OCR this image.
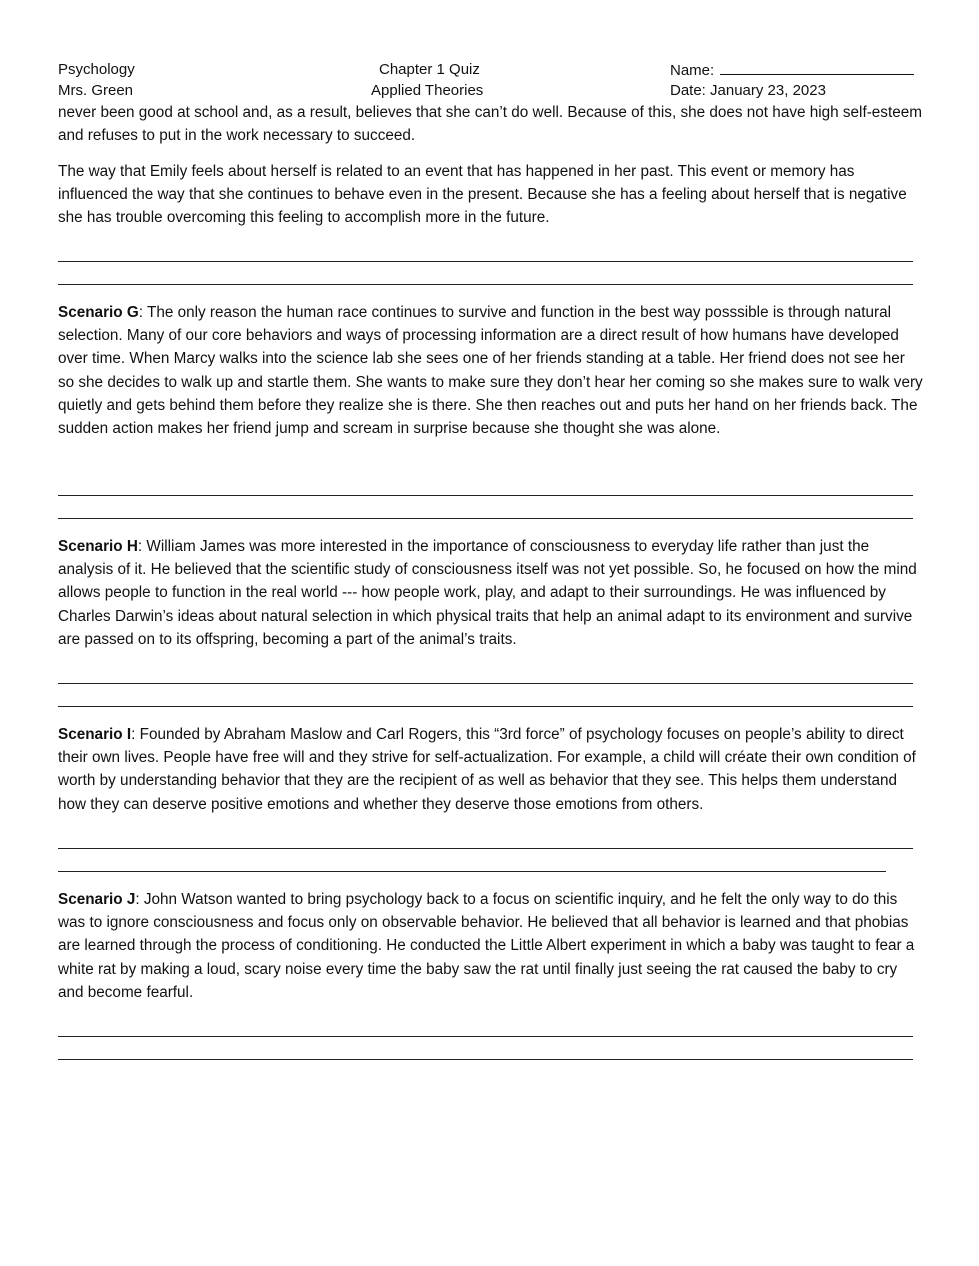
Psychology	Chapter 1 Quiz	Name:
Mrs. Green	Applied Theories	Date: January 23, 2023
never been good at school and, as a result, believes that she can’t do well. Because of this, she does not have high self-esteem and refuses to put in the work necessary to succeed.
The way that Emily feels about herself is related to an event that has happened in her past. This event or memory has influenced the way that she continues to behave even in the present. Because she has a feeling about herself that is negative she has trouble overcoming this feeling to accomplish more in the future.
Scenario G: The only reason the human race continues to survive and function in the best way posssible is through natural selection. Many of our core behaviors and ways of processing information are a direct result of how humans have developed over time. When Marcy walks into the science lab she sees one of her friends standing at a table. Her friend does not see her so she decides to walk up and startle them. She wants to make sure they don’t hear her coming so she makes sure to walk very quietly and gets behind them before they realize she is there. She then reaches out and puts her hand on her friends back. The sudden action makes her friend jump and scream in surprise because she thought she was alone.
Scenario H: William James was more interested in the importance of consciousness to everyday life rather than just the analysis of it. He believed that the scientific study of consciousness itself was not yet possible. So, he focused on how the mind allows people to function in the real world --- how people work, play, and adapt to their surroundings. He was influenced by Charles Darwin’s ideas about natural selection in which physical traits that help an animal adapt to its environment and survive are passed on to its offspring, becoming a part of the animal’s traits.
Scenario I: Founded by Abraham Maslow and Carl Rogers, this “3rd force” of psychology focuses on people’s ability to direct their own lives. People have free will and they strive for self-actualization. For example, a child will créate their own condition of worth by understanding behavior that they are the recipient of as well as behavior that they see. This helps them understand how they can deserve positive emotions and whether they deserve those emotions from others.
Scenario J: John Watson wanted to bring psychology back to a focus on scientific inquiry, and he felt the only way to do this was to ignore consciousness and focus only on observable behavior. He believed that all behavior is learned and that phobias are learned through the process of conditioning. He conducted the Little Albert experiment in which a baby was taught to fear a white rat by making a loud, scary noise every time the baby saw the rat until finally just seeing the rat caused the baby to cry and become fearful.
